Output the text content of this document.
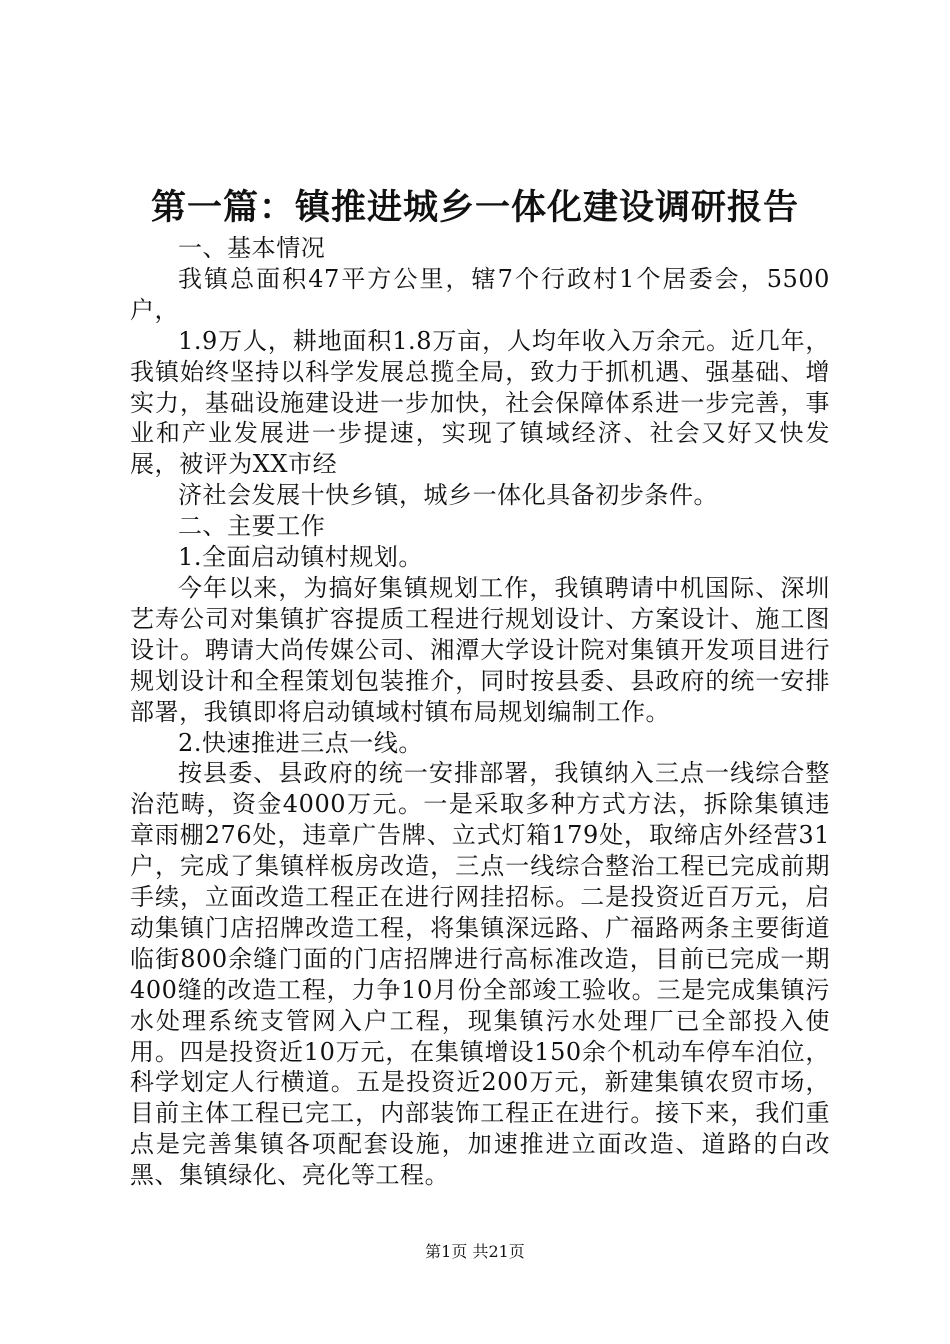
第一篇：镇推进城乡一体化建设调研报告

一、基本情况

我镇总面积47平方公里，辖7个行政村1个居委会，5500户，

1.9万人，耕地面积1.8万亩，人均年收入万余元。近几年，我镇始终坚持以科学发展总揽全局，致力于抓机遇、强基础、增实力，基础设施建设进一步加快，社会保障体系进一步完善，事业和产业发展进一步提速，实现了镇域经济、社会又好又快发展，被评为XX市经

济社会发展十快乡镇，城乡一体化具备初步条件。

二、主要工作

1.全面启动镇村规划。

今年以来，为搞好集镇规划工作，我镇聘请中机国际、深圳艺寿公司对集镇扩容提质工程进行规划设计、方案设计、施工图设计。聘请大尚传媒公司、湘潭大学设计院对集镇开发项目进行规划设计和全程策划包装推介，同时按县委、县政府的统一安排部署，我镇即将启动镇域村镇布局规划编制工作。

2.快速推进三点一线。

按县委、县政府的统一安排部署，我镇纳入三点一线综合整治范畴，资金4000万元。一是采取多种方式方法，拆除集镇违章雨棚276处，违章广告牌、立式灯箱179处，取缔店外经营31户，完成了集镇样板房改造，三点一线综合整治工程已完成前期手续，立面改造工程正在进行网挂招标。二是投资近百万元，启动集镇门店招牌改造工程，将集镇深远路、广福路两条主要街道临街800余缝门面的门店招牌进行高标准改造，目前已完成一期400缝的改造工程，力争10月份全部竣工验收。三是完成集镇污水处理系统支管网入户工程，现集镇污水处理厂已全部投入使用。四是投资近10万元，在集镇增设150余个机动车停车泊位，科学划定人行横道。五是投资近200万元，新建集镇农贸市场，目前主体工程已完工，内部装饰工程正在进行。接下来，我们重点是完善集镇各项配套设施，加速推进立面改造、道路的白改黑、集镇绿化、亮化等工程。

第1页 共21页
